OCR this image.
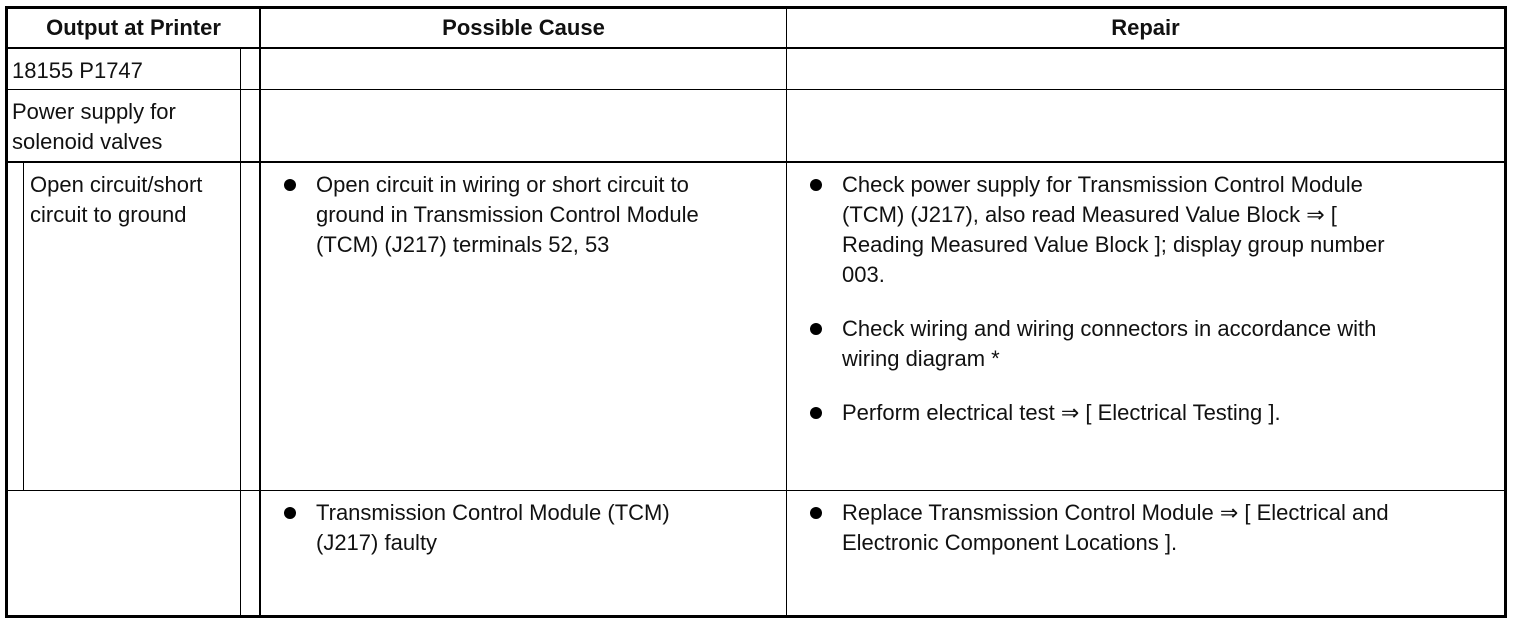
Output at Printer	Possible Cause	Repair

18155 P1747

Power supply for
solenoid valves

Open circuit/short
circuit to ground

Open circuit in wiring or short circuit to
ground in Transmission Control Module
(TCM) (J217) terminals 52, 53
Check power supply for Transmission Control Module
(TCM) (J217), also read Measured Value Block ⇒ [
Reading Measured Value Block ]; display group number
003.
Check wiring and wiring connectors in accordance with
wiring diagram *
Perform electrical test ⇒ [ Electrical Testing ].
Transmission Control Module (TCM)
(J217) faulty
Replace Transmission Control Module ⇒ [ Electrical and
Electronic Component Locations ].
